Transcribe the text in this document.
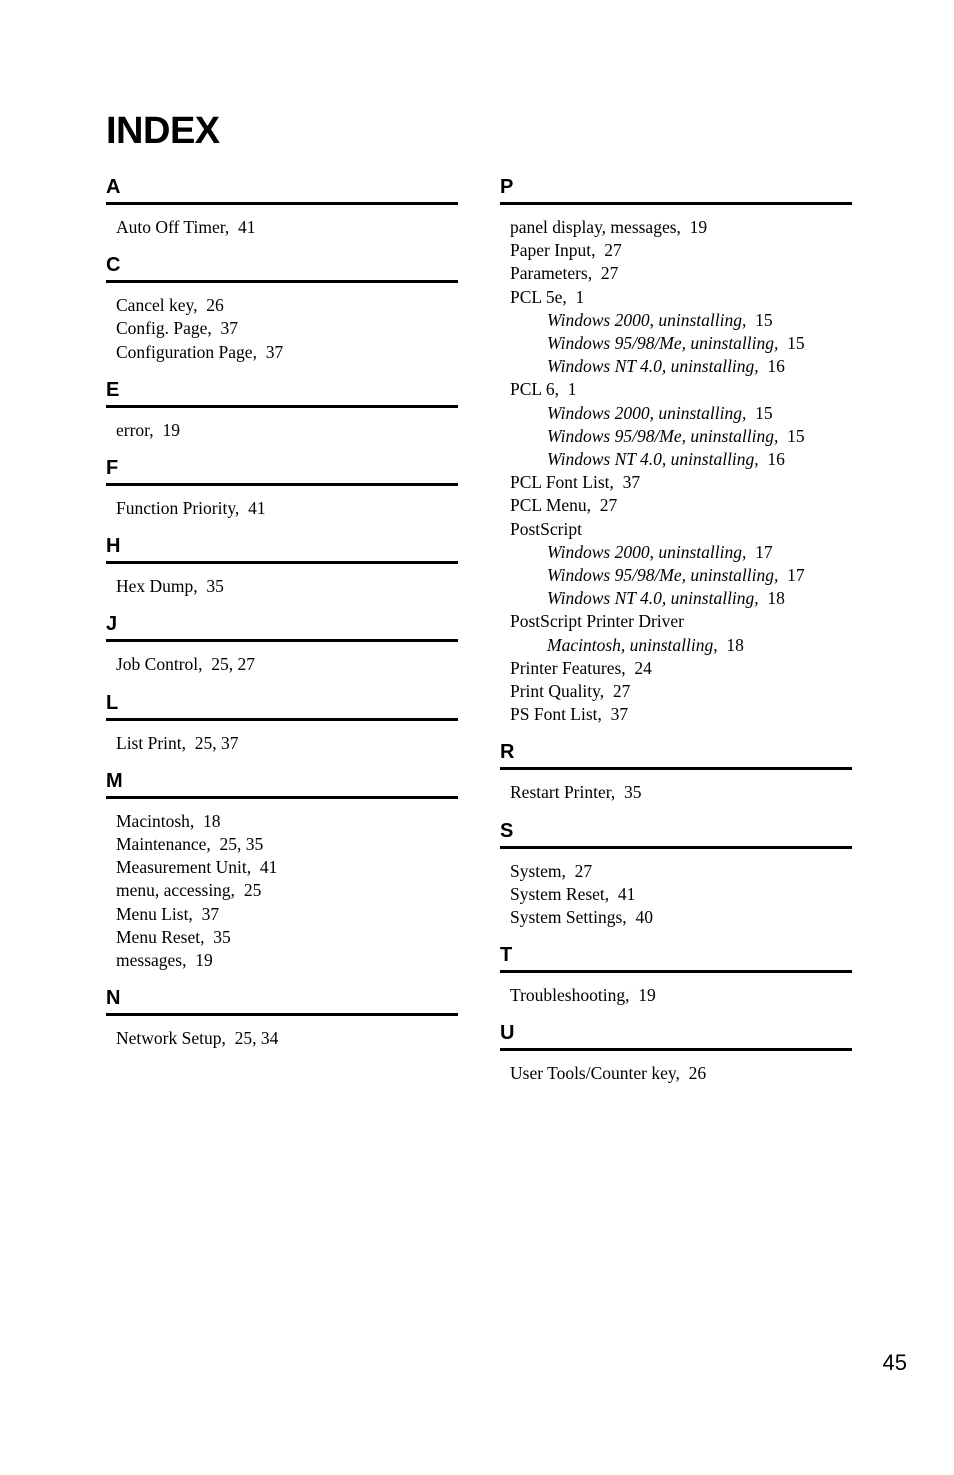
INDEX
A
Auto Off Timer, 41
C
Cancel key, 26
Config. Page, 37
Configuration Page, 37
E
error, 19
F
Function Priority, 41
H
Hex Dump, 35
J
Job Control, 25, 27
L
List Print, 25, 37
M
Macintosh, 18
Maintenance, 25, 35
Measurement Unit, 41
menu, accessing, 25
Menu List, 37
Menu Reset, 35
messages, 19
N
Network Setup, 25, 34
P
panel display, messages, 19
Paper Input, 27
Parameters, 27
PCL 5e, 1
Windows 2000, uninstalling, 15
Windows 95/98/Me, uninstalling, 15
Windows NT 4.0, uninstalling, 16
PCL 6, 1
Windows 2000, uninstalling, 15
Windows 95/98/Me, uninstalling, 15
Windows NT 4.0, uninstalling, 16
PCL Font List, 37
PCL Menu, 27
PostScript
Windows 2000, uninstalling, 17
Windows 95/98/Me, uninstalling, 17
Windows NT 4.0, uninstalling, 18
PostScript Printer Driver
Macintosh, uninstalling, 18
Printer Features, 24
Print Quality, 27
PS Font List, 37
R
Restart Printer, 35
S
System, 27
System Reset, 41
System Settings, 40
T
Troubleshooting, 19
U
User Tools/Counter key, 26
45
